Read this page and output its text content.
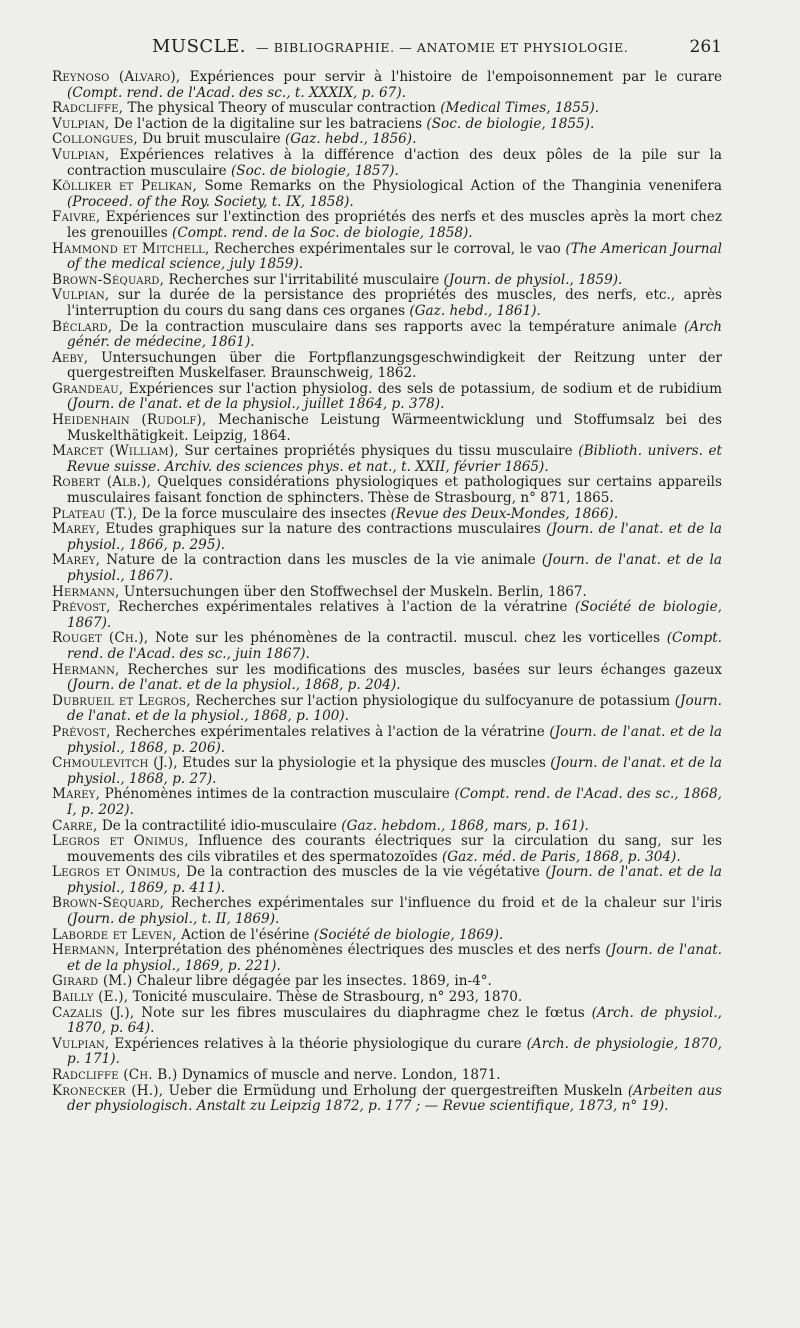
MUSCLE. — BIBLIOGRAPHIE. — ANATOMIE ET PHYSIOLOGIE.	261
Reynoso (Alvaro), Expériences pour servir à l'histoire de l'empoisonnement par le curare (Compt. rend. de l'Acad. des sc., t. XXXIX, p. 67).
Radcliffe, The physical Theory of muscular contraction (Medical Times, 1855).
Vulpian, De l'action de la digitaline sur les batraciens (Soc. de biologie, 1855).
Collongues, Du bruit musculaire (Gaz. hebd., 1856).
Vulpian, Expériences relatives à la différence d'action des deux pôles de la pile sur la contraction musculaire (Soc. de biologie, 1857).
Kölliker et Pelikan, Some Remarks on the Physiological Action of the Thanginia venenifera (Proceed. of the Roy. Society, t. IX, 1858).
Faivre, Expériences sur l'extinction des propriétés des nerfs et des muscles après la mort chez les grenouilles (Compt. rend. de la Soc. de biologie, 1858).
Hammond et Mitchell, Recherches expérimentales sur le corroval, le vao (The American Journal of the medical science, july 1859).
Brown-Séquard, Recherches sur l'irritabilité musculaire (Journ. de physiol., 1859).
Vulpian, sur la durée de la persistance des propriétés des muscles, des nerfs, etc., après l'interruption du cours du sang dans ces organes (Gaz. hebd., 1861).
Béclard, De la contraction musculaire dans ses rapports avec la température animale (Arch génér. de médecine, 1861).
Aeby, Untersuchungen über die Fortpflanzungsgeschwindigkeit der Reitzung unter der quergestreiften Muskelfaser. Braunschweig, 1862.
Grandeau, Expériences sur l'action physiolog. des sels de potassium, de sodium et de rubidium (Journ. de l'anat. et de la physiol., juillet 1864, p. 378).
Heidenhain (Rudolf), Mechanische Leistung Wärmeentwicklung und Stoffumsalz bei des Muskelthätigkeit. Leipzig, 1864.
Marcet (William), Sur certaines propriétés physiques du tissu musculaire (Biblioth. univers. et Revue suisse. Archiv. des sciences phys. et nat., t. XXII, février 1865).
Robert (Alb.), Quelques considérations physiologiques et pathologiques sur certains appareils musculaires faisant fonction de sphincters. Thèse de Strasbourg, n° 871, 1865.
Plateau (T.), De la force musculaire des insectes (Revue des Deux-Mondes, 1866).
Marey, Etudes graphiques sur la nature des contractions musculaires (Journ. de l'anat. et de la physiol., 1866, p. 295).
Marey, Nature de la contraction dans les muscles de la vie animale (Journ. de l'anat. et de la physiol., 1867).
Hermann, Untersuchungen über den Stoffwechsel der Muskeln. Berlin, 1867.
Prévost, Recherches expérimentales relatives à l'action de la vératrine (Société de biologie, 1867).
Rouget (Ch.), Note sur les phénomènes de la contractil. muscul. chez les vorticelles (Compt. rend. de l'Acad. des sc., juin 1867).
Hermann, Recherches sur les modifications des muscles, basées sur leurs échanges gazeux (Journ. de l'anat. et de la physiol., 1868, p. 204).
Dubrueil et Legros, Recherches sur l'action physiologique du sulfocyanure de potassium (Journ. de l'anat. et de la physiol., 1868, p. 100).
Prévost, Recherches expérimentales relatives à l'action de la vératrine (Journ. de l'anat. et de la physiol., 1868, p. 206).
Chmoulevitch (J.), Etudes sur la physiologie et la physique des muscles (Journ. de l'anat. et de la physiol., 1868, p. 27).
Marey, Phénomènes intimes de la contraction musculaire (Compt. rend. de l'Acad. des sc., 1868, I, p. 202).
Carre, De la contractilité idio-musculaire (Gaz. hebdom., 1868, mars, p. 161).
Legros et Onimus, Influence des courants électriques sur la circulation du sang, sur les mouvements des cils vibratiles et des spermatozoïdes (Gaz. méd. de Paris, 1868, p. 304).
Legros et Onimus, De la contraction des muscles de la vie végétative (Journ. de l'anat. et de la physiol., 1869, p. 411).
Brown-Séquard, Recherches expérimentales sur l'influence du froid et de la chaleur sur l'iris (Journ. de physiol., t. II, 1869).
Laborde et Leven, Action de l'ésérine (Société de biologie, 1869).
Hermann, Interprétation des phénomènes électriques des muscles et des nerfs (Journ. de l'anat. et de la physiol., 1869, p. 221).
Girard (M.) Chaleur libre dégagée par les insectes. 1869, in-4°.
Bailly (E.), Tonicité musculaire. Thèse de Strasbourg, n° 293, 1870.
Cazalis (J.), Note sur les fibres musculaires du diaphragme chez le fœtus (Arch. de physiol., 1870, p. 64).
Vulpian, Expériences relatives à la théorie physiologique du curare (Arch. de physiologie, 1870, p. 171).
Radcliffe (Ch. B.) Dynamics of muscle and nerve. London, 1871.
Kronecker (H.), Ueber die Ermüdung und Erholung der quergestreiften Muskeln (Arbeiten aus der physiologisch. Anstalt zu Leipzig 1872, p. 177 ; — Revue scientifique, 1873, n° 19).
